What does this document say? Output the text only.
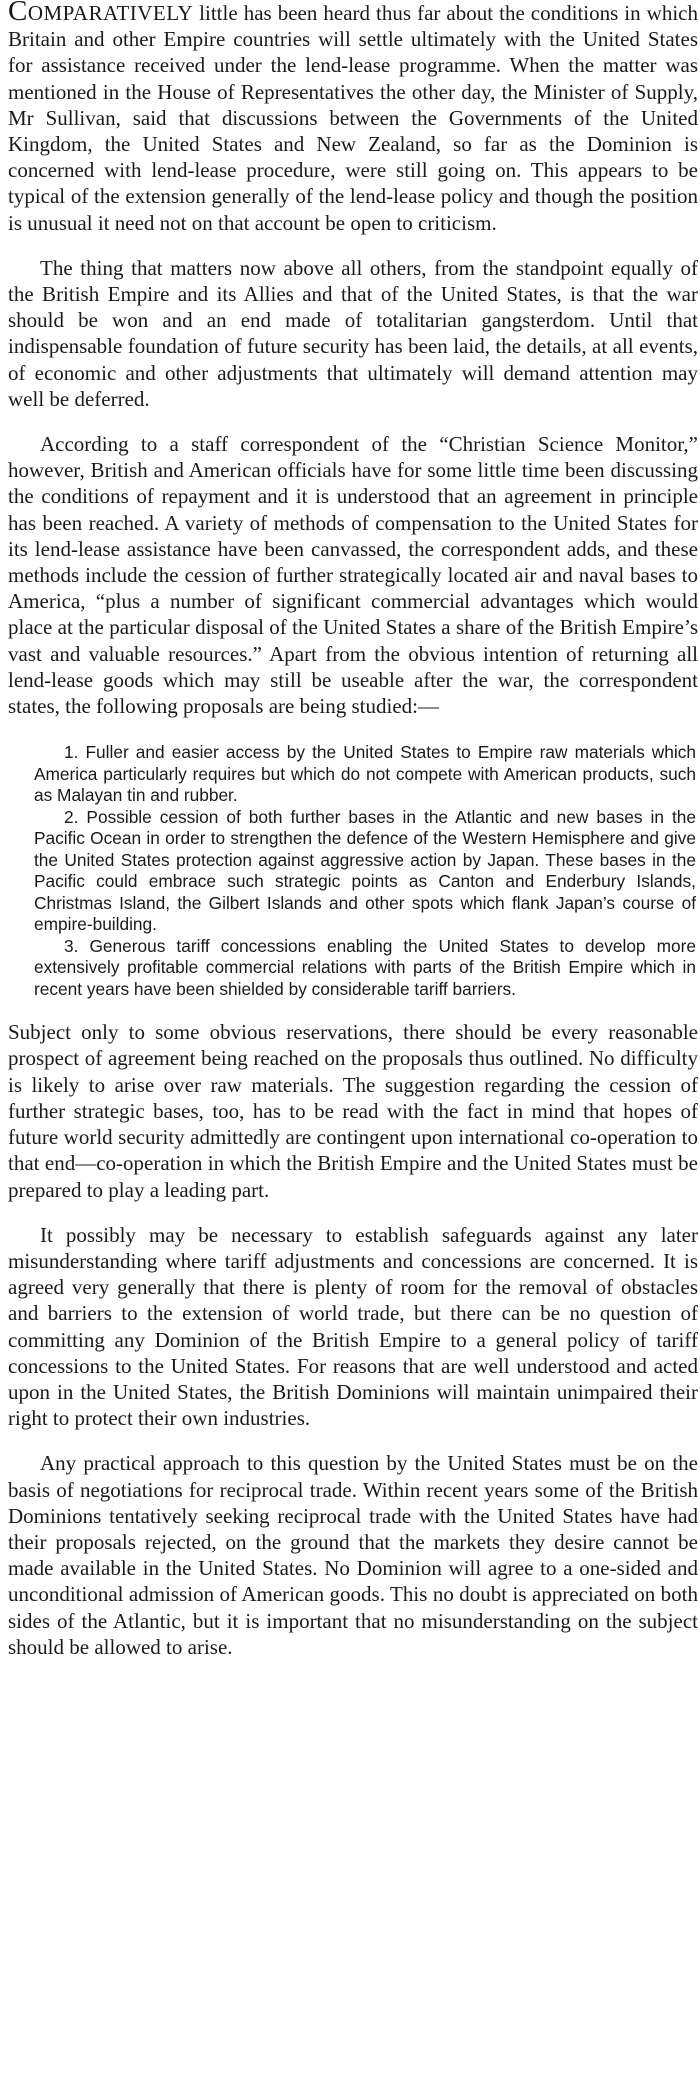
COMPARATIVELY little has been heard thus far about the conditions in which Britain and other Empire countries will settle ultimately with the United States for assistance received under the lend-lease programme. When the matter was mentioned in the House of Representatives the other day, the Minister of Supply, Mr Sullivan, said that discussions between the Governments of the United Kingdom, the United States and New Zealand, so far as the Dominion is concerned with lend-lease procedure, were still going on. This appears to be typical of the extension generally of the lend-lease policy and though the position is unusual it need not on that account be open to criticism.

The thing that matters now above all others, from the standpoint equally of the British Empire and its Allies and that of the United States, is that the war should be won and an end made of totalitarian gangsterdom. Until that indispensable foundation of future security has been laid, the details, at all events, of economic and other adjustments that ultimately will demand attention may well be deferred.

According to a staff correspondent of the “Christian Science Monitor,” however, British and American officials have for some little time been discussing the conditions of repayment and it is understood that an agreement in principle has been reached. A variety of methods of compensation to the United States for its lend-lease assistance have been canvassed, the correspondent adds, and these methods include the cession of further strategically located air and naval bases to America, “plus a number of significant commercial advantages which would place at the particular disposal of the United States a share of the British Empire’s vast and valuable resources.” Apart from the obvious intention of returning all lend-lease goods which may still be useable after the war, the correspondent states, the following proposals are being studied:—

1. Fuller and easier access by the United States to Empire raw materials which America particularly requires but which do not compete with American products, such as Malayan tin and rubber.

2. Possible cession of both further bases in the Atlantic and new bases in the Pacific Ocean in order to strengthen the defence of the Western Hemisphere and give the United States protection against aggressive action by Japan. These bases in the Pacific could embrace such strategic points as Canton and Enderbury Islands, Christmas Island, the Gilbert Islands and other spots which flank Japan’s course of empire-building.

3. Generous tariff concessions enabling the United States to develop more extensively profitable commercial relations with parts of the British Empire which in recent years have been shielded by considerable tariff barriers.

Subject only to some obvious reservations, there should be every reasonable prospect of agreement being reached on the proposals thus outlined. No difficulty is likely to arise over raw materials. The suggestion regarding the cession of further strategic bases, too, has to be read with the fact in mind that hopes of future world security admittedly are contingent upon international co-operation to that end—co-operation in which the British Empire and the United States must be prepared to play a leading part.

It possibly may be necessary to establish safeguards against any later misunderstanding where tariff adjustments and concessions are concerned. It is agreed very generally that there is plenty of room for the removal of obstacles and barriers to the extension of world trade, but there can be no question of committing any Dominion of the British Empire to a general policy of tariff concessions to the United States. For reasons that are well understood and acted upon in the United States, the British Dominions will maintain unimpaired their right to protect their own industries.

Any practical approach to this question by the United States must be on the basis of negotiations for reciprocal trade. Within recent years some of the British Dominions tentatively seeking reciprocal trade with the United States have had their proposals rejected, on the ground that the markets they desire cannot be made available in the United States. No Dominion will agree to a one-sided and unconditional admission of American goods. This no doubt is appreciated on both sides of the Atlantic, but it is important that no misunderstanding on the subject should be allowed to arise.
